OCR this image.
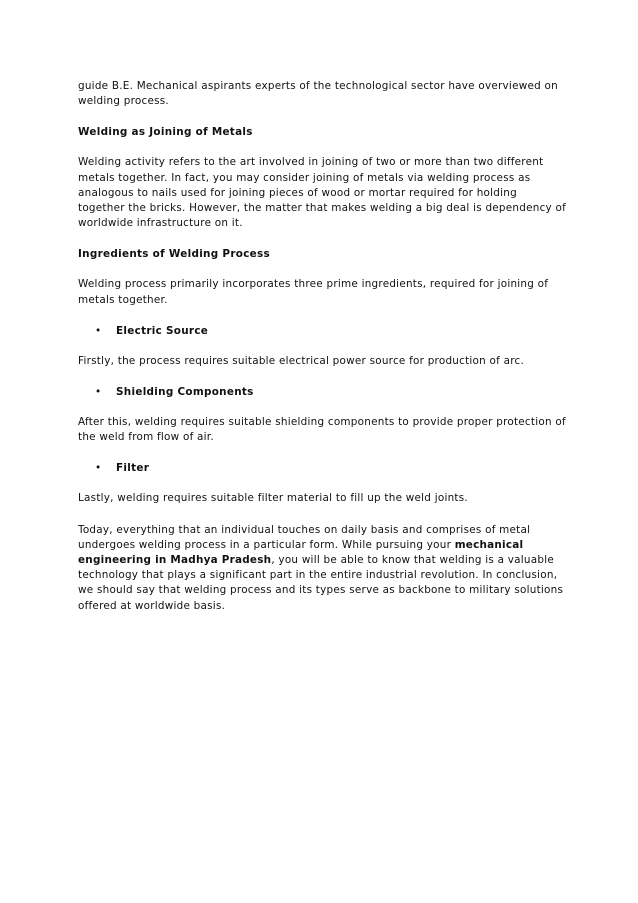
guide B.E. Mechanical aspirants experts of the technological sector have overviewed on
welding process.
Welding as Joining of Metals
Welding activity refers to the art involved in joining of two or more than two different
metals together. In fact, you may consider joining of metals via welding process as
analogous to nails used for joining pieces of wood or mortar required for holding
together the bricks. However, the matter that makes welding a big deal is dependency of
worldwide infrastructure on it.
Ingredients of Welding Process
Welding process primarily incorporates three prime ingredients, required for joining of
metals together.
•	Electric Source
Firstly, the process requires suitable electrical power source for production of arc.
•	Shielding Components
After this, welding requires suitable shielding components to provide proper protection of
the weld from flow of air.
•	Filter
Lastly, welding requires suitable filter material to fill up the weld joints.
Today, everything that an individual touches on daily basis and comprises of metal
undergoes welding process in a particular form. While pursuing your mechanical
engineering in Madhya Pradesh, you will be able to know that welding is a valuable
technology that plays a significant part in the entire industrial revolution. In conclusion,
we should say that welding process and its types serve as backbone to military solutions
offered at worldwide basis.
